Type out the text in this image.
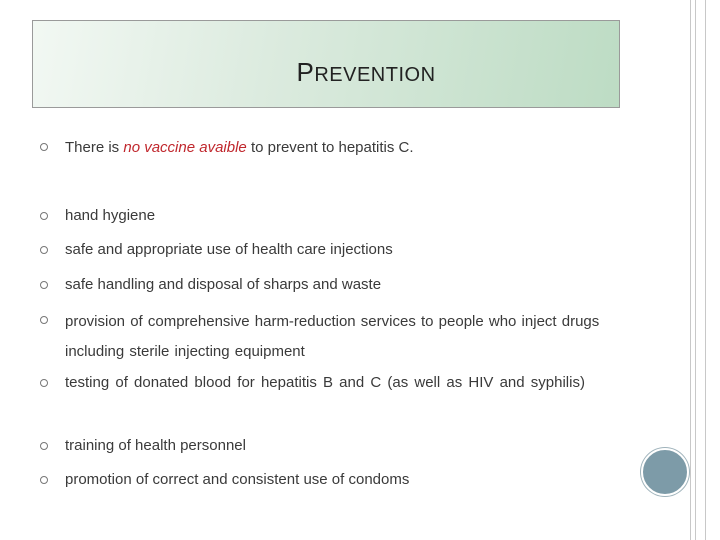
PREVENTION
There is no vaccine avaible to prevent to hepatitis C.
hand hygiene
safe and appropriate use of health care injections
safe handling and disposal of sharps and waste
provision of comprehensive harm-reduction services to people who inject drugs including sterile injecting equipment
testing of donated blood for hepatitis B and C (as well as HIV and syphilis)
training of health personnel
promotion of correct and consistent use of condoms
